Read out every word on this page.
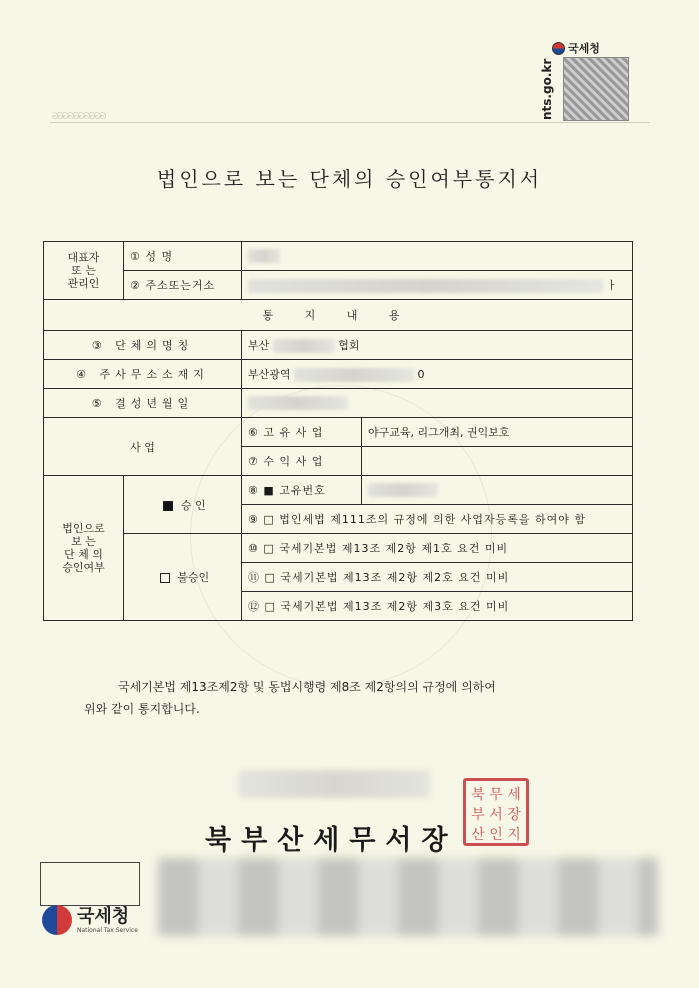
국세청
nts.go.kr
ᘐᘐᘐᘐᘐᘐᘐᘐᘐᘐ
법인으로 보는 단체의 승인여부통지서
대표자
또 는
관리인	① 성 명		
	② 주소또는거소	ㅏ	
통 지 내 용			
③ 단체의명칭		부산 협회	
④ 주사무소소재지		부산광역 0	
⑤ 결성년월일			
사 업		⑥ 고 유 사 업	야구교육, 리그개최, 권익보호
		⑦ 수 익 사 업	
법인으로
보 는
단 체 의
승인여부	승 인	⑧ ■ 고유번호	
		⑨ □ 법인세법 제111조의 규정에 의한 사업자등록을 하여야 함	
	불승인	⑩ □ 국세기본법 제13조 제2항 제1호 요건 미비	
		⑪ □ 국세기본법 제13조 제2항 제2호 요건 미비	
		⑫ □ 국세기본법 제13조 제2항 제3호 요건 미비	
국세기본법 제13조제2항 및 동법시행령 제8조 제2항의의 규정에 의하여
위와 같이 통지합니다.
북부산세무서장
북 무 세
부 서 장
산 인 지
국세청
National Tax Service
